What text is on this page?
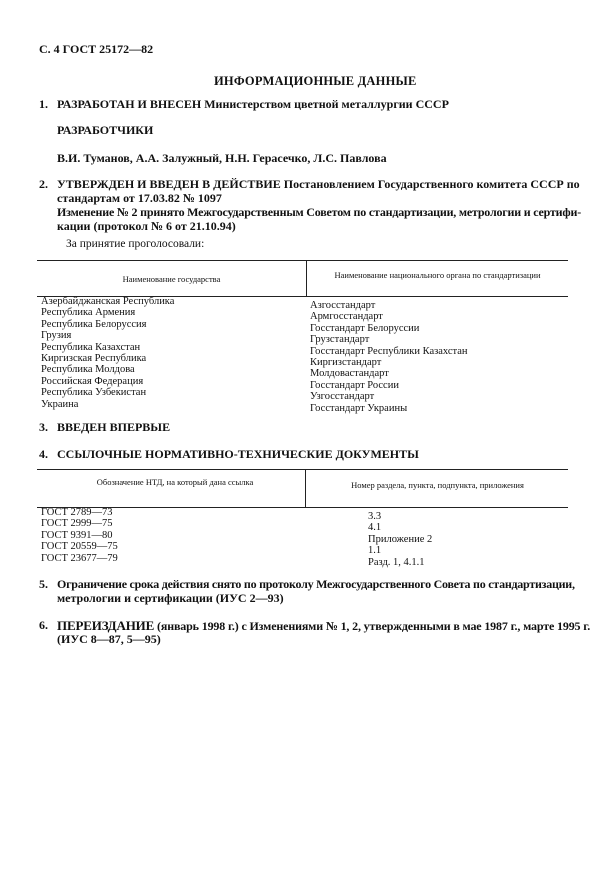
С. 4 ГОСТ 25172—82
ИНФОРМАЦИОННЫЕ ДАННЫЕ
1. РАЗРАБОТАН И ВНЕСЕН Министерством цветной металлургии СССР
РАЗРАБОТЧИКИ
В.И. Туманов, А.А. Залужный, Н.Н. Герасечко, Л.С. Павлова
2. УТВЕРЖДЕН И ВВЕДЕН В ДЕЙСТВИЕ Постановлением Государственного комитета СССР по
стандартам от 17.03.82 № 1097
Изменение № 2 принято Межгосударственным Советом по стандартизации, метрологии и сертифи-
кации (протокол № 6 от 21.10.94)
За принятие проголосовали:
Наименование государства	Наименование национального органа по стандартизации
Азербайджанская Республика
Республика Армения
Республика Белоруссия
Грузия
Республика Казахстан
Киргизская Республика
Республика Молдова
Российская Федерация
Республика Узбекистан
Украина
Азгосстандарт
Армгосстандарт
Госстандарт Белоруссии
Грузстандарт
Госстандарт Республики Казахстан
Киргизстандарт
Молдовастандарт
Госстандарт России
Узгосстандарт
Госстандарт Украины
3. ВВЕДЕН ВПЕРВЫЕ
4. ССЫЛОЧНЫЕ НОРМАТИВНО-ТЕХНИЧЕСКИЕ ДОКУМЕНТЫ
Обозначение НТД, на который дана ссылка	Номер раздела, пункта, подпункта, приложения
ГОСТ 2789—73
ГОСТ 2999—75
ГОСТ 9391—80
ГОСТ 20559—75
ГОСТ 23677—79
3.3
4.1
Приложение 2
1.1
Разд. 1, 4.1.1
5. Ограничение срока действия снято по протоколу Межгосударственного Совета по стандартизации,
метрологии и сертификации (ИУС 2—93)
6. ПЕРЕИЗДАНИЕ (январь 1998 г.) с Изменениями № 1, 2, утвержденными в мае 1987 г., марте 1995 г.
(ИУС 8—87, 5—95)
